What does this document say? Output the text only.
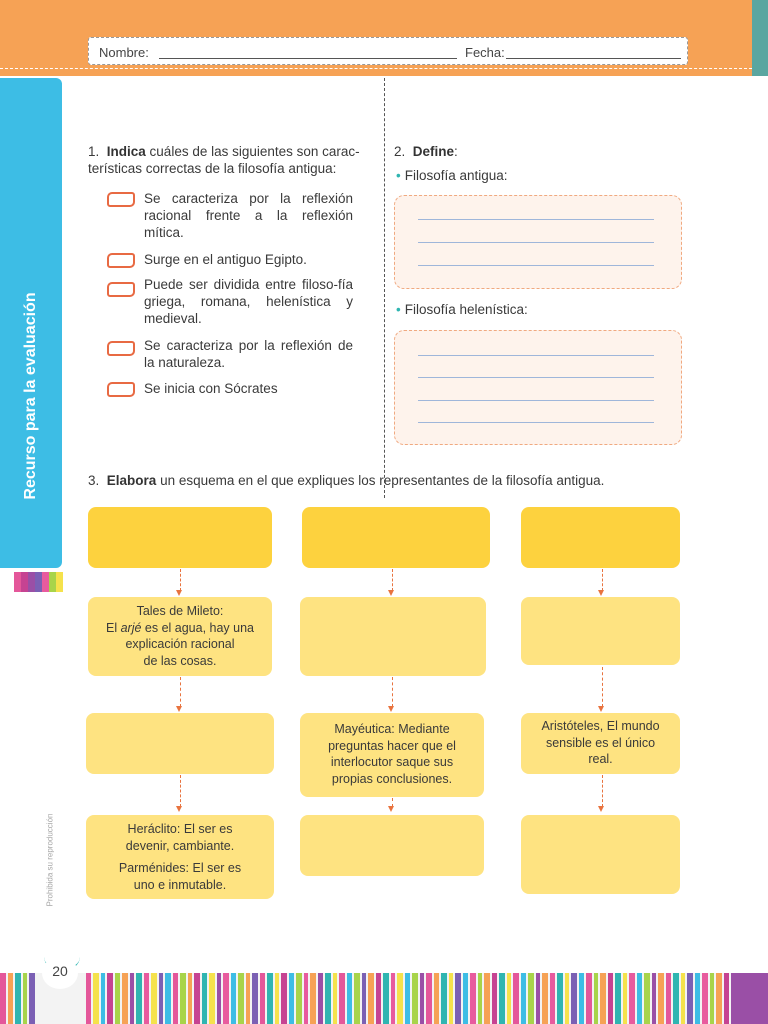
Nombre:	Fecha:
Recurso para la evaluación
1. Indica cuáles de las siguientes son carac-terísticas correctas de la filosofía antigua:
Se caracteriza por la reflexión racional frente a la reflexión mítica.
Surge en el antiguo Egipto.
Puede ser dividida entre filoso-fía griega, romana, helenística y medieval.
Se caracteriza por la reflexión de la naturaleza.
Se inicia con Sócrates
2. Define:
• Filosofía antigua:
• Filosofía helenística:
3. Elabora un esquema en el que expliques los representantes de la filosofía antigua.
Tales de Mileto:
El arjé es el agua, hay una
explicación racional
de las cosas.
Heráclito: El ser es devenir, cambiante.
Parménides: El ser es uno e inmutable.
Mayéutica: Mediante preguntas hacer que el interlocutor saque sus propias conclusiones.
Aristóteles, El mundo sensible es el único real.
Prohibida su reproducción
20
